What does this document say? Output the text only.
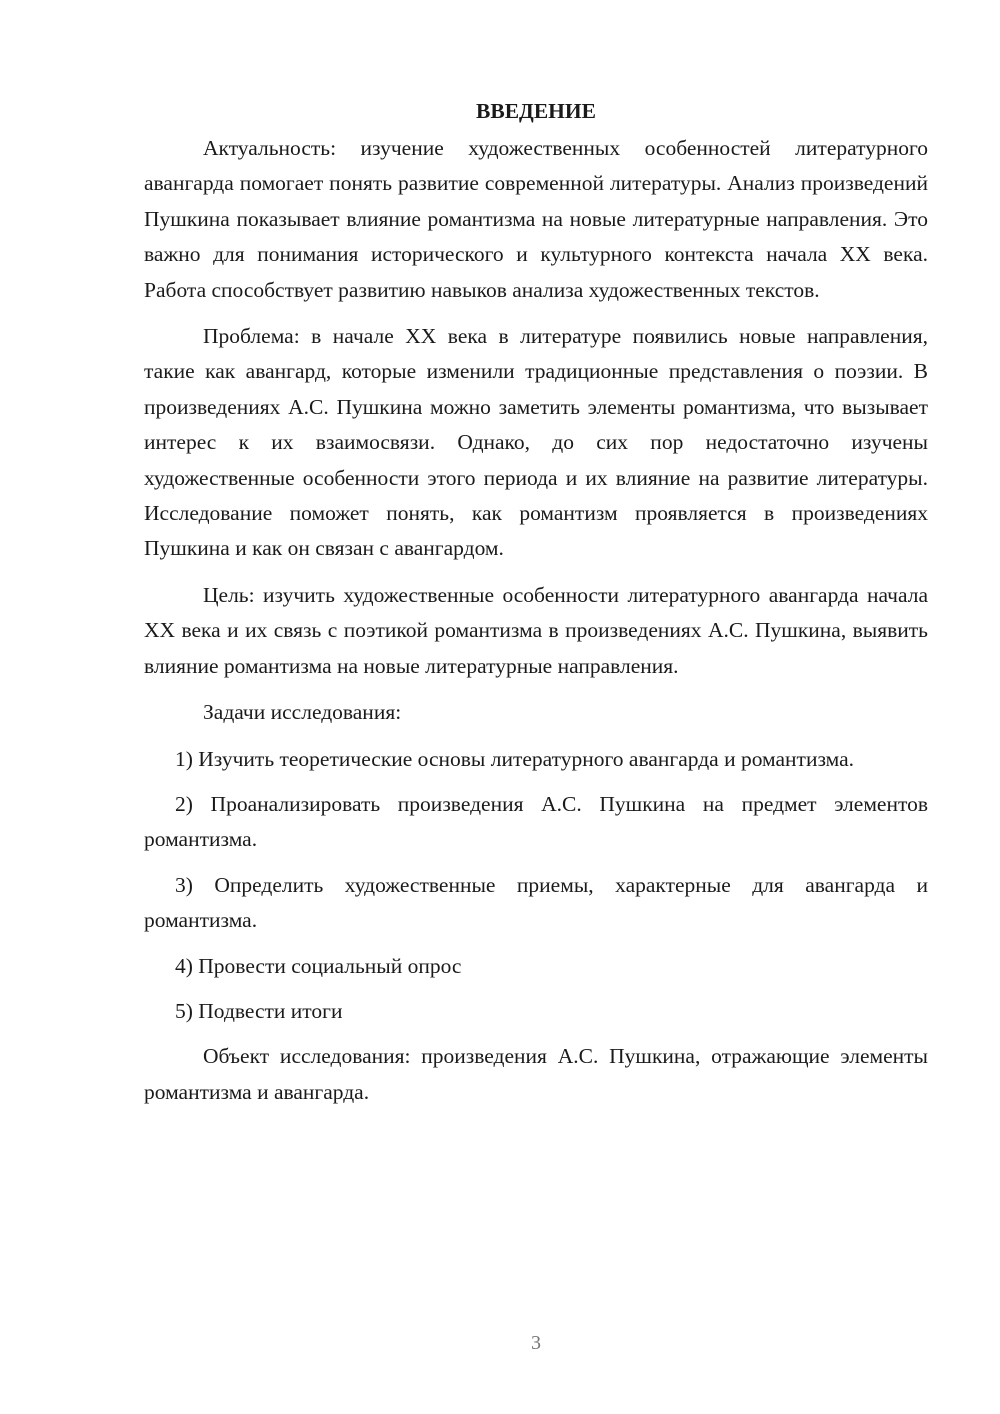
ВВЕДЕНИЕ

Актуальность: изучение художественных особенностей литературного авангарда помогает понять развитие современной литературы. Анализ произведений Пушкина показывает влияние романтизма на новые литературные направления. Это важно для понимания исторического и культурного контекста начала XX века. Работа способствует развитию навыков анализа художественных текстов.

Проблема: в начале XX века в литературе появились новые направления, такие как авангард, которые изменили традиционные представления о поэзии. В произведениях А.С. Пушкина можно заметить элементы романтизма, что вызывает интерес к их взаимосвязи. Однако, до сих пор недостаточно изучены художественные особенности этого периода и их влияние на развитие литературы. Исследование поможет понять, как романтизм проявляется в произведениях Пушкина и как он связан с авангардом.

Цель: изучить художественные особенности литературного авангарда начала XX века и их связь с поэтикой романтизма в произведениях А.С. Пушкина, выявить влияние романтизма на новые литературные направления.

Задачи исследования:

1) Изучить теоретические основы литературного авангарда и романтизма.

2) Проанализировать произведения А.С. Пушкина на предмет элементов романтизма.

3) Определить художественные приемы, характерные для авангарда и романтизма.

4) Провести социальный опрос

5) Подвести итоги

Объект исследования: произведения А.С. Пушкина, отражающие элементы романтизма и авангарда.

3
